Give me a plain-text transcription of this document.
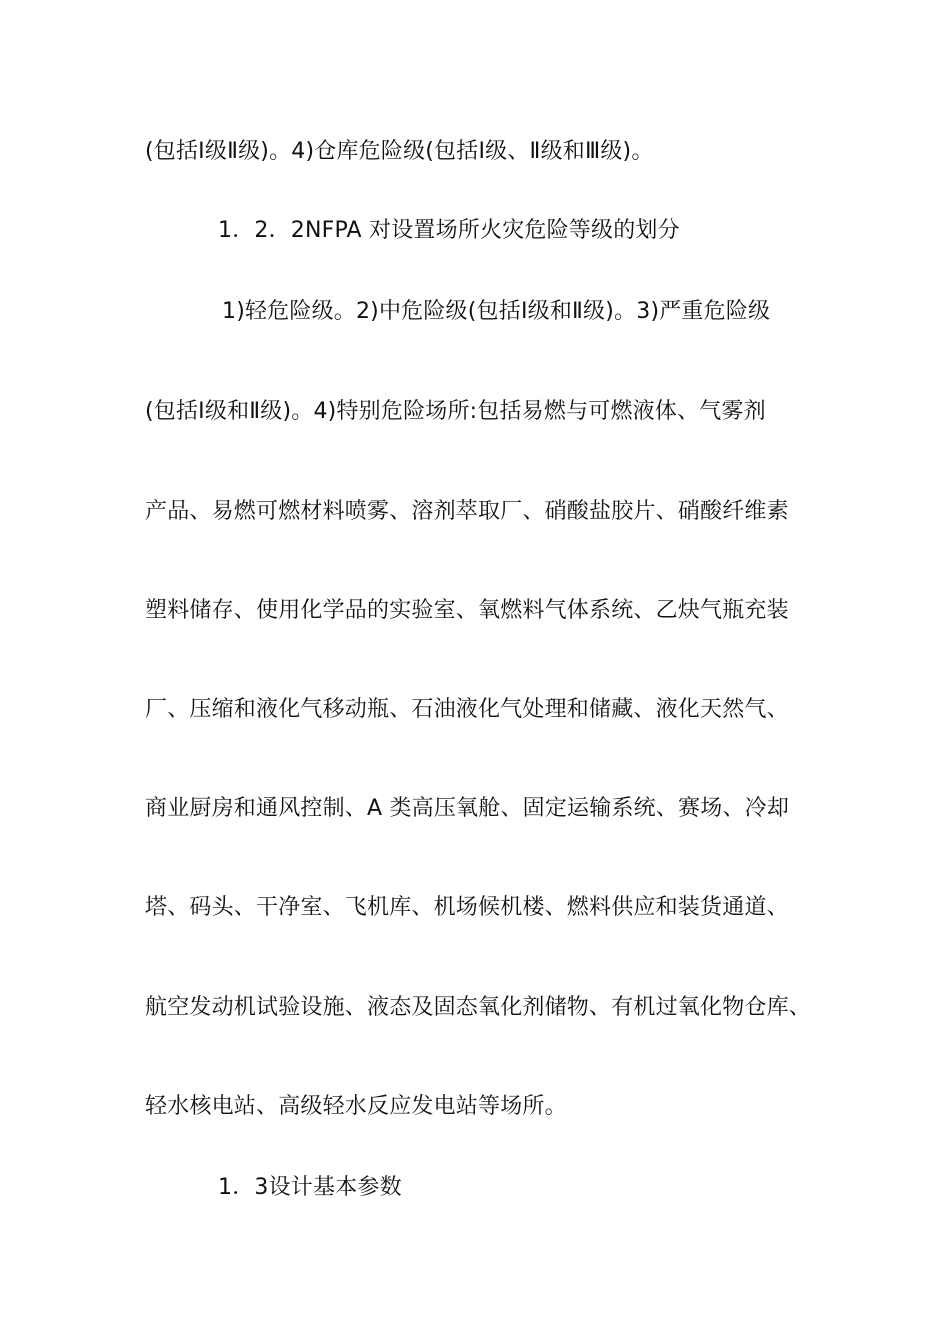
(包括Ⅰ级Ⅱ级)。4)仓库危险级(包括Ⅰ级、Ⅱ级和Ⅲ级)。
1．2．2NFPA 对设置场所火灾危险等级的划分
1)轻危险级。2)中危险级(包括Ⅰ级和Ⅱ级)。3)严重危险级
(包括Ⅰ级和Ⅱ级)。4)特别危险场所:包括易燃与可燃液体、气雾剂
产品、易燃可燃材料喷雾、溶剂萃取厂、硝酸盐胶片、硝酸纤维素
塑料储存、使用化学品的实验室、氧燃料气体系统、乙炔气瓶充装
厂、压缩和液化气移动瓶、石油液化气处理和储藏、液化天然气、
商业厨房和通风控制、A 类高压氧舱、固定运输系统、赛场、冷却
塔、码头、干净室、飞机库、机场候机楼、燃料供应和装货通道、
航空发动机试验设施、液态及固态氧化剂储物、有机过氧化物仓库、
轻水核电站、高级轻水反应发电站等场所。
1．3设计基本参数
